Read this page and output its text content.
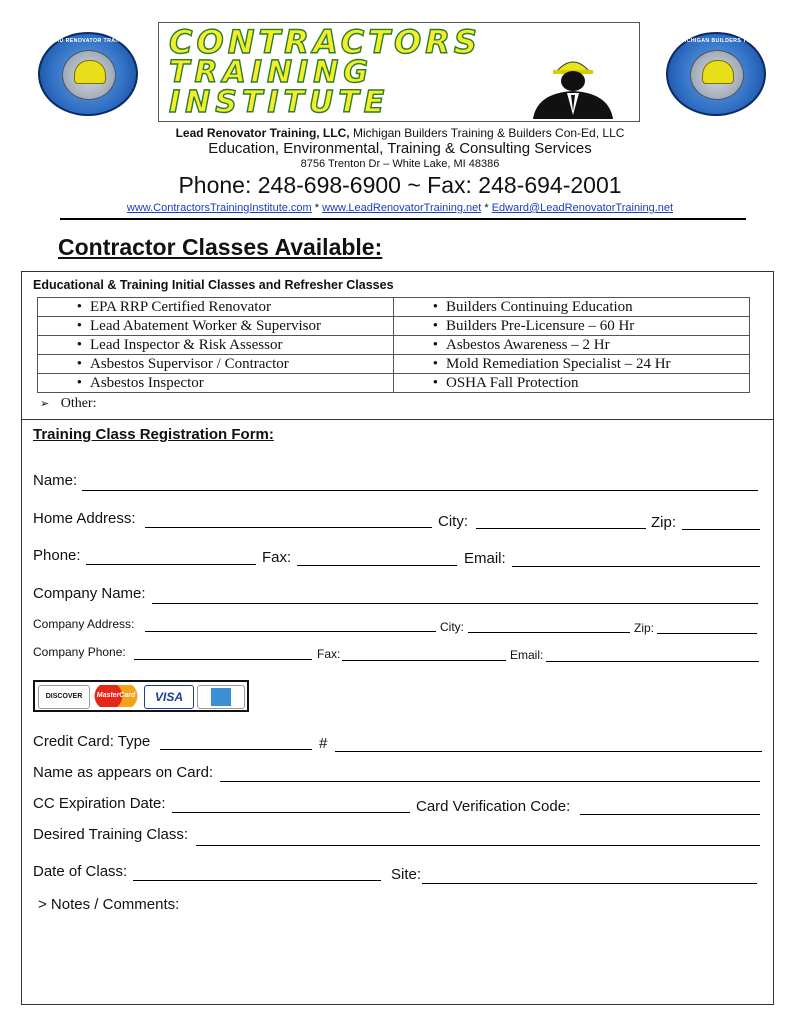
LEAD RENOVATOR TRAINING, LLC CONTRACTORS
TRAINING
INSTITUTE
MICHIGAN BUILDERS TRAINING
Lead Renovator Training, LLC, Michigan Builders Training & Builders Con-Ed, LLC
Education, Environmental, Training & Consulting Services
8756 Trenton Dr – White Lake, MI 48386
Phone: 248-698-6900 ~ Fax: 248-694-2001
www.ContractorsTrainingInstitute.com * www.LeadRenovatorTraining.net * Edward@LeadRenovatorTraining.net
Contractor Classes Available:
Educational & Training Initial Classes and Refresher Classes
• EPA RRP Certified Renovator	• Builders Continuing Education
• Lead Abatement Worker & Supervisor	• Builders Pre-Licensure – 60 Hr
• Lead Inspector & Risk Assessor	• Asbestos Awareness – 2 Hr
• Asbestos Supervisor / Contractor	• Mold Remediation Specialist – 24 Hr
• Asbestos Inspector	• OSHA Fall Protection
➢ Other:
Training Class Registration Form:
Name:
Home Address:	City:	Zip:
Phone:	Fax:	Email:
Company Name:
Company Address:	City:	Zip:
Company Phone:	Fax:	Email:
DISCOVER	MasterCard	VISA
Credit Card: Type	#
Name as appears on Card:
CC Expiration Date:	Card Verification Code:
Desired Training Class:
Date of Class:	Site:
> Notes / Comments:
